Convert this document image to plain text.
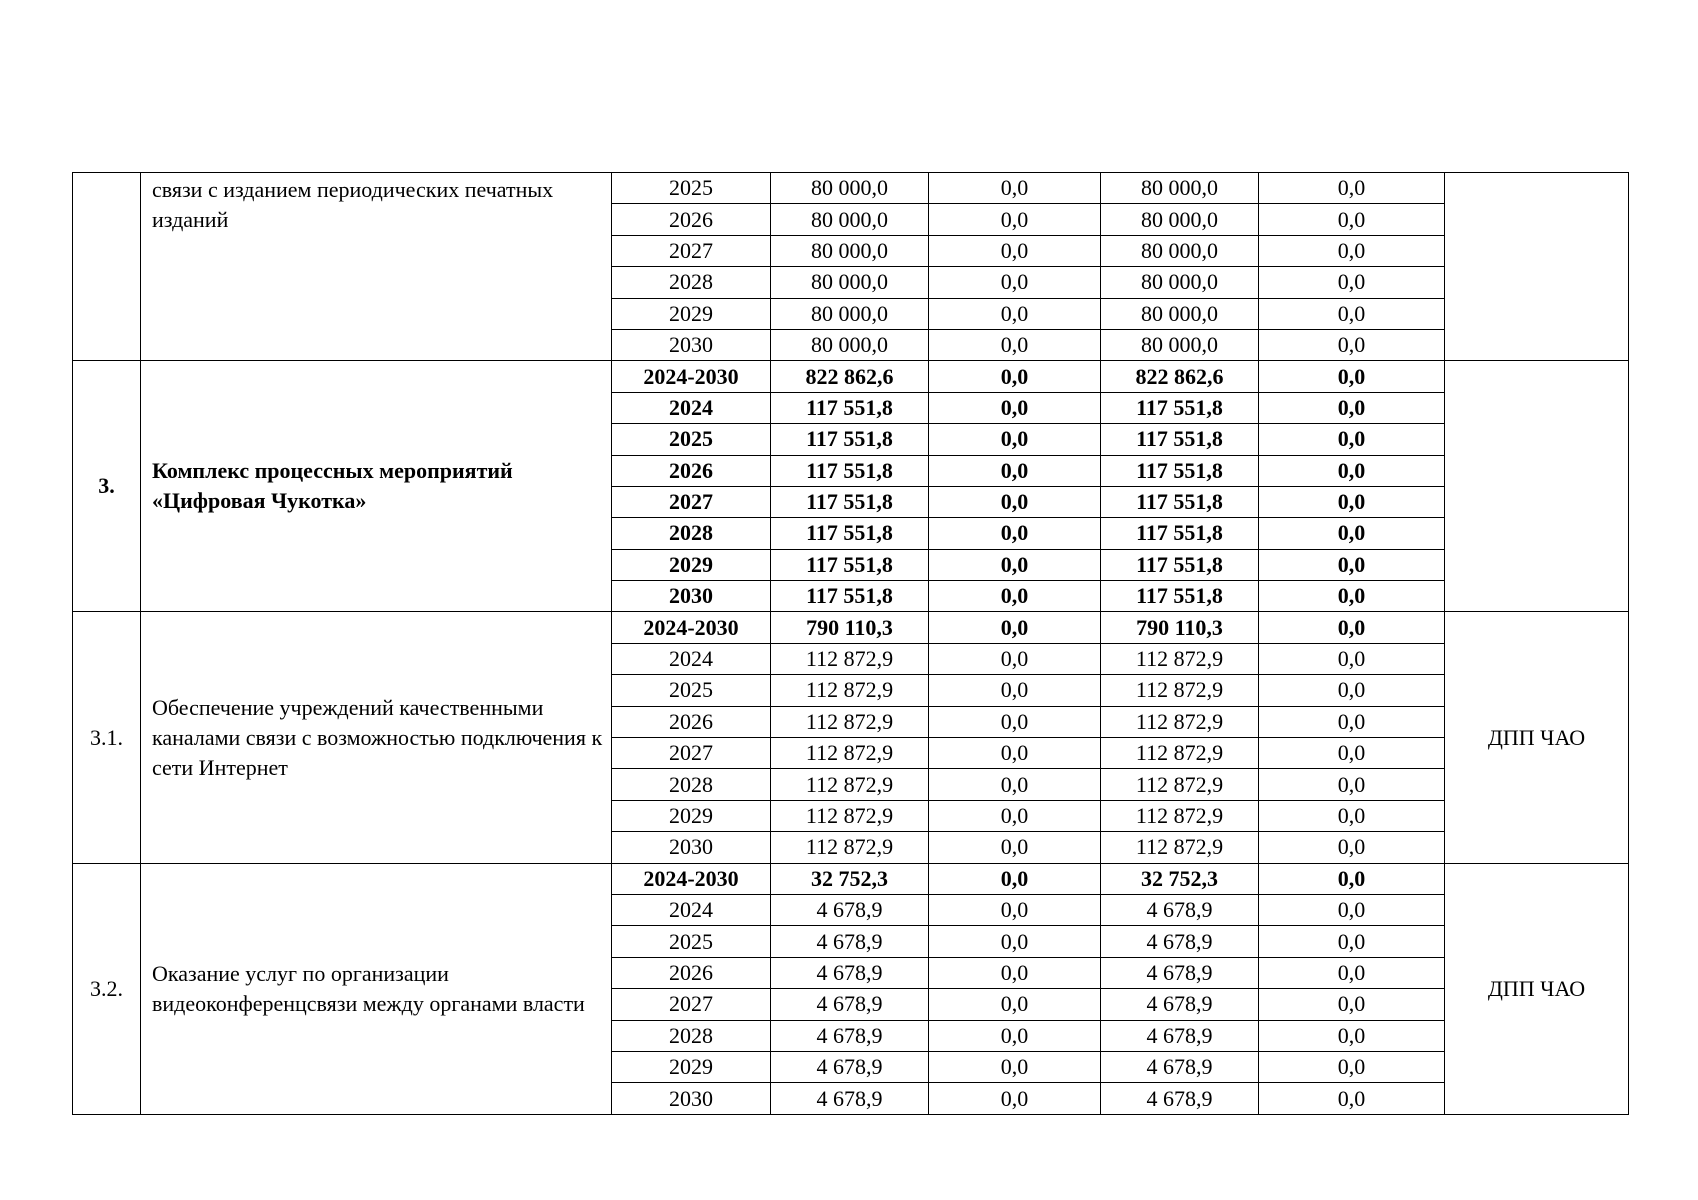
	связи с изданием периодических печатных изданий	2025	80 000,0	0,0	80 000,0	0,0	
		2026	80 000,0	0,0	80 000,0	0,0	
		2027	80 000,0	0,0	80 000,0	0,0	
		2028	80 000,0	0,0	80 000,0	0,0	
		2029	80 000,0	0,0	80 000,0	0,0	
		2030	80 000,0	0,0	80 000,0	0,0	
3.	Комплекс процессных мероприятий «Цифровая Чукотка»	2024-2030	822 862,6	0,0	822 862,6	0,0	
		2024	117 551,8	0,0	117 551,8	0,0	
		2025	117 551,8	0,0	117 551,8	0,0	
		2026	117 551,8	0,0	117 551,8	0,0	
		2027	117 551,8	0,0	117 551,8	0,0	
		2028	117 551,8	0,0	117 551,8	0,0	
		2029	117 551,8	0,0	117 551,8	0,0	
		2030	117 551,8	0,0	117 551,8	0,0	
3.1.	Обеспечение учреждений качественными каналами связи с возможностью подключения к сети Интернет	2024-2030	790 110,3	0,0	790 110,3	0,0	ДПП ЧАО
		2024	112 872,9	0,0	112 872,9	0,0	
		2025	112 872,9	0,0	112 872,9	0,0	
		2026	112 872,9	0,0	112 872,9	0,0	
		2027	112 872,9	0,0	112 872,9	0,0	
		2028	112 872,9	0,0	112 872,9	0,0	
		2029	112 872,9	0,0	112 872,9	0,0	
		2030	112 872,9	0,0	112 872,9	0,0	
3.2.	Оказание услуг по организации видеоконференцсвязи между органами власти	2024-2030	32 752,3	0,0	32 752,3	0,0	ДПП ЧАО
		2024	4 678,9	0,0	4 678,9	0,0	
		2025	4 678,9	0,0	4 678,9	0,0	
		2026	4 678,9	0,0	4 678,9	0,0	
		2027	4 678,9	0,0	4 678,9	0,0	
		2028	4 678,9	0,0	4 678,9	0,0	
		2029	4 678,9	0,0	4 678,9	0,0	
		2030	4 678,9	0,0	4 678,9	0,0	
